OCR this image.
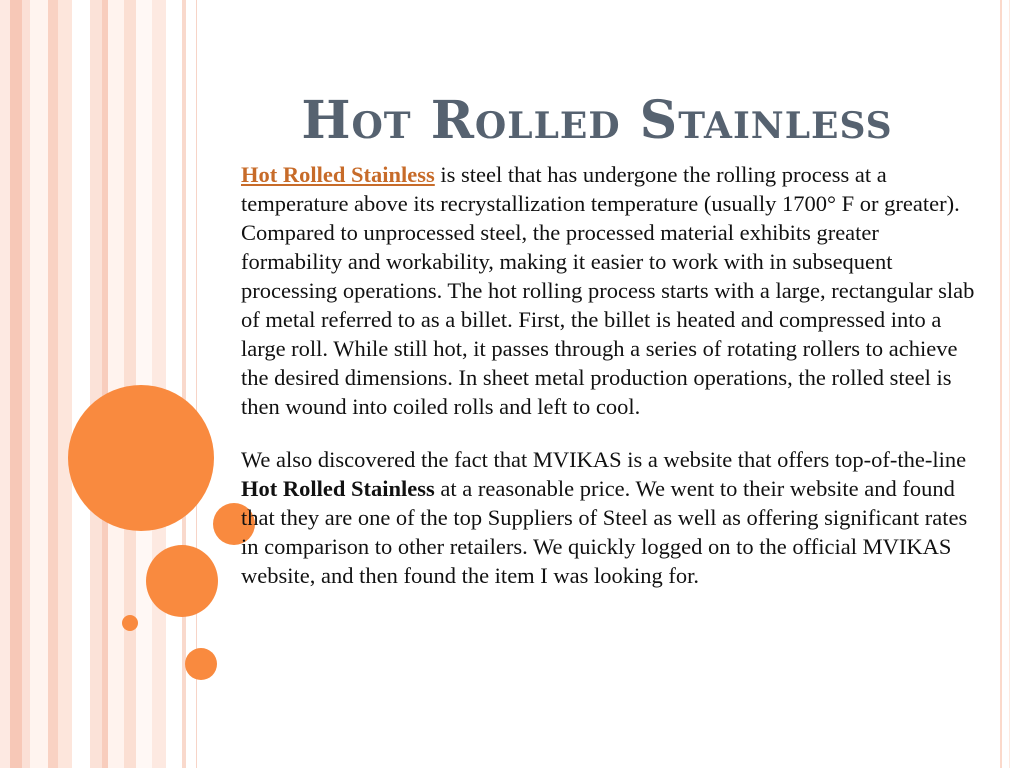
Hot Rolled Stainless

Hot Rolled Stainless is steel that has undergone the rolling process at a temperature above its recrystallization temperature (usually 1700° F or greater). Compared to unprocessed steel, the processed material exhibits greater formability and workability, making it easier to work with in subsequent processing operations. The hot rolling process starts with a large, rectangular slab of metal referred to as a billet. First, the billet is heated and compressed into a large roll. While still hot, it passes through a series of rotating rollers to achieve the desired dimensions. In sheet metal production operations, the rolled steel is then wound into coiled rolls and left to cool.

We also discovered the fact that MVIKAS is a website that offers top-of-the-line Hot Rolled Stainless at a reasonable price. We went to their website and found that they are one of the top Suppliers of Steel as well as offering significant rates in comparison to other retailers. We quickly logged on to the official MVIKAS website, and then found the item I was looking for.
